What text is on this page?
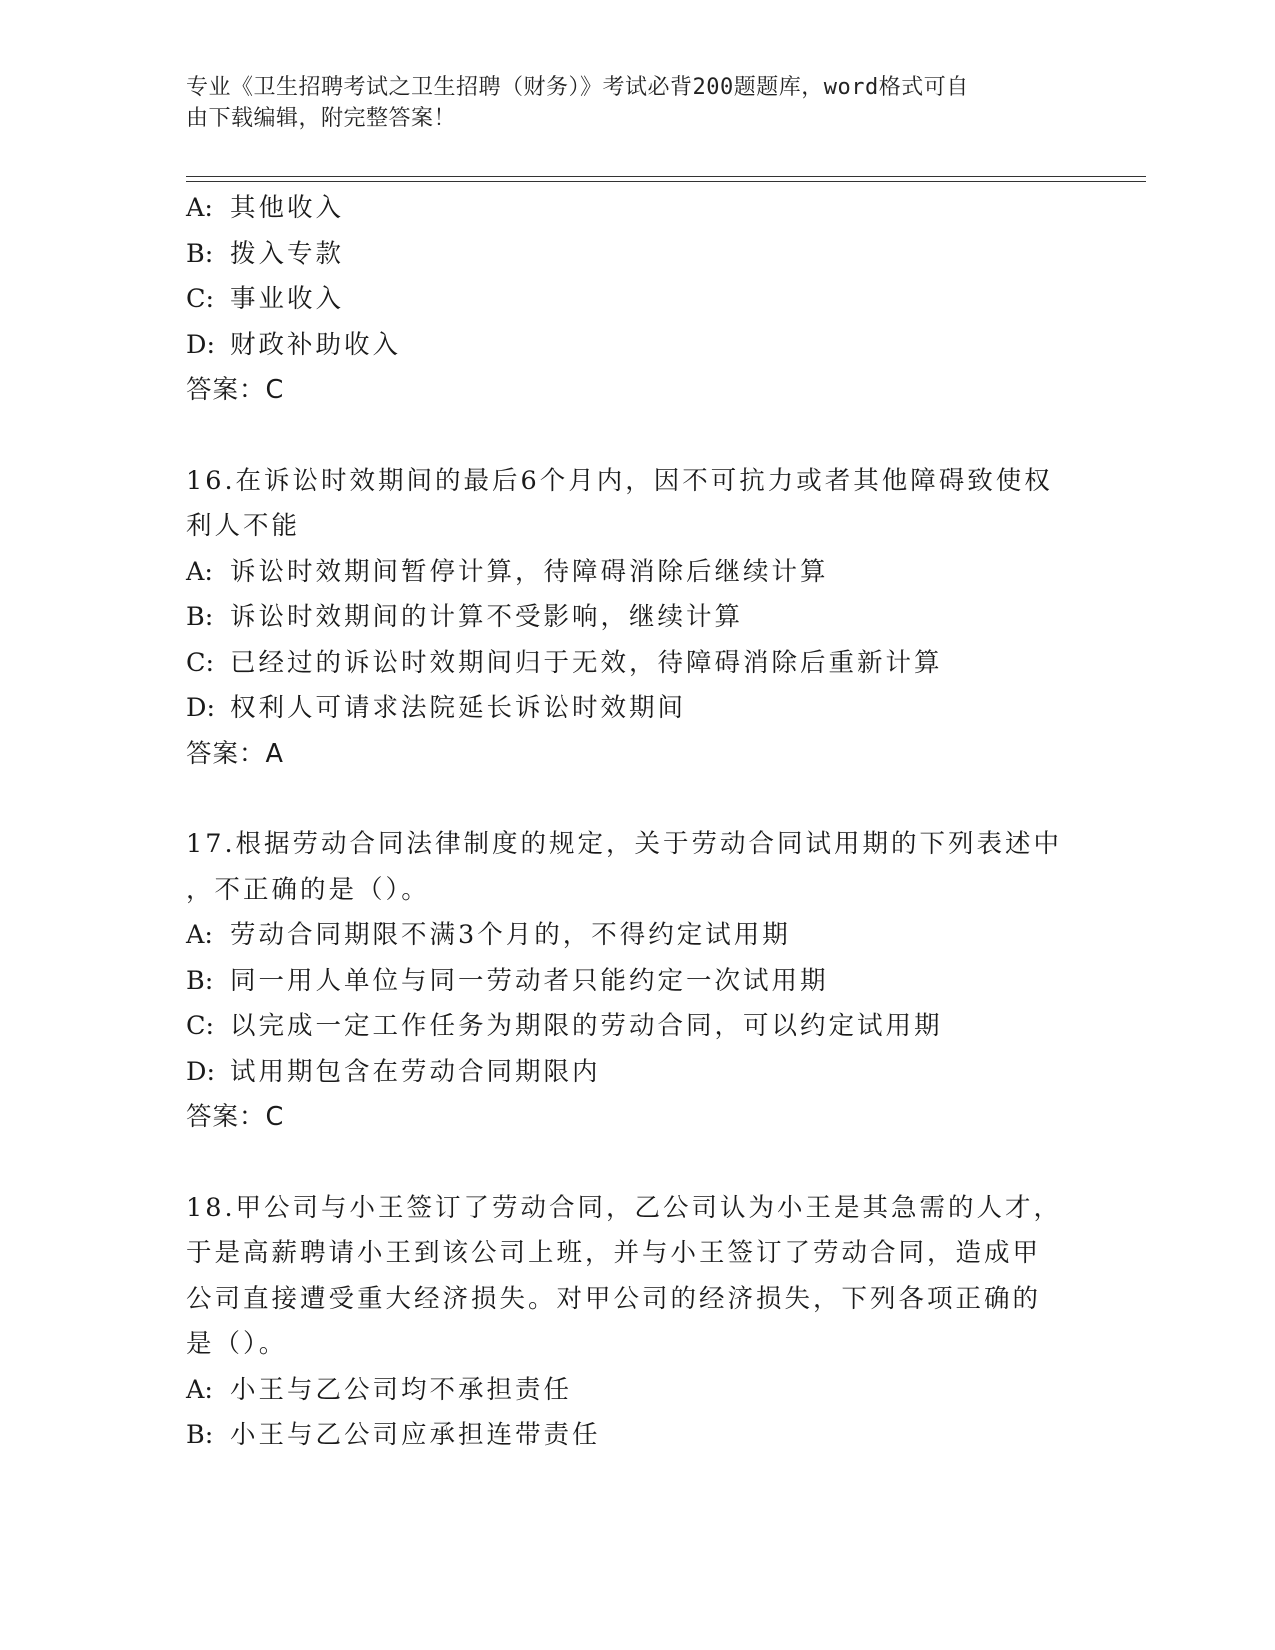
专业《卫生招聘考试之卫生招聘（财务）》考试必背200题题库，word格式可自
由下载编辑，附完整答案！
A: 其他收入
B: 拨入专款
C: 事业收入
D: 财政补助收入
答案：C
16.在诉讼时效期间的最后6个月内，因不可抗力或者其他障碍致使权
利人不能
A: 诉讼时效期间暂停计算，待障碍消除后继续计算
B: 诉讼时效期间的计算不受影响，继续计算
C: 已经过的诉讼时效期间归于无效，待障碍消除后重新计算
D: 权利人可请求法院延长诉讼时效期间
答案：A
17.根据劳动合同法律制度的规定，关于劳动合同试用期的下列表述中
，不正确的是（）。
A: 劳动合同期限不满3个月的，不得约定试用期
B: 同一用人单位与同一劳动者只能约定一次试用期
C: 以完成一定工作任务为期限的劳动合同，可以约定试用期
D: 试用期包含在劳动合同期限内
答案：C
18.甲公司与小王签订了劳动合同，乙公司认为小王是其急需的人才，
于是高薪聘请小王到该公司上班，并与小王签订了劳动合同，造成甲
公司直接遭受重大经济损失。对甲公司的经济损失，下列各项正确的
是（）。
A: 小王与乙公司均不承担责任
B: 小王与乙公司应承担连带责任
